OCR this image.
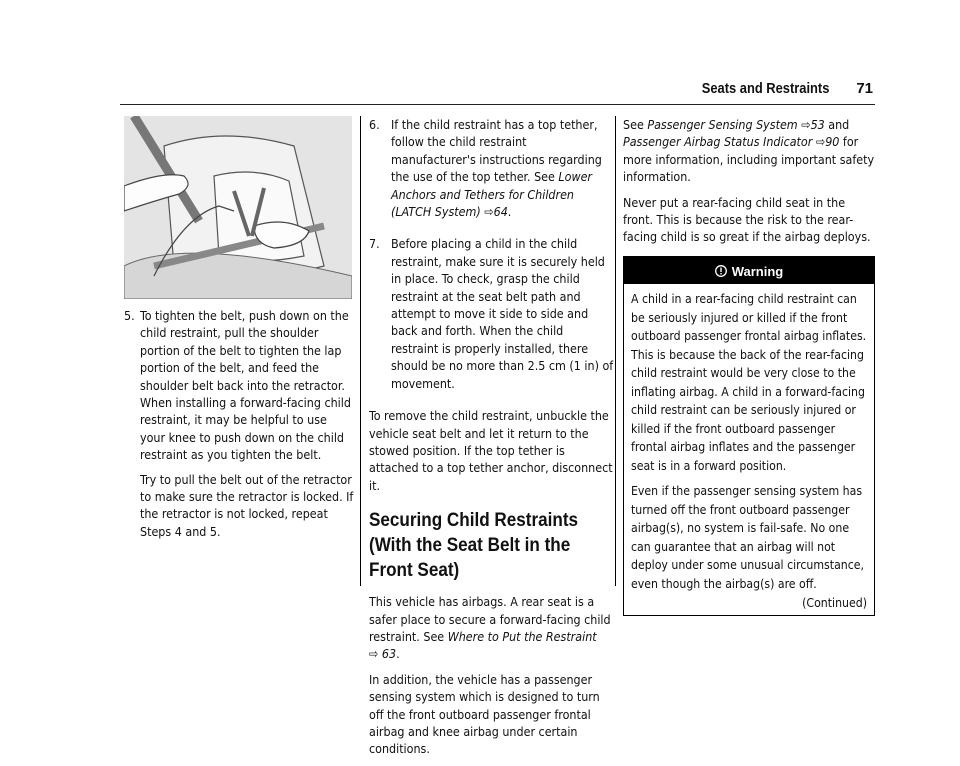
Seats and Restraints 71
5. To tighten the belt, push down on the child restraint, pull the shoulder portion of the belt to tighten the lap portion of the belt, and feed the shoulder belt back into the retractor. When installing a forward-facing child restraint, it may be helpful to use your knee to push down on the child restraint as you tighten the belt.

Try to pull the belt out of the retractor to make sure the retractor is locked. If the retractor is not locked, repeat Steps 4 and 5.

6. If the child restraint has a top tether, follow the child restraint manufacturer's instructions regarding the use of the top tether. See Lower Anchors and Tethers for Children (LATCH System) ⇨64.

7. Before placing a child in the child restraint, make sure it is securely held in place. To check, grasp the child restraint at the seat belt path and attempt to move it side to side and back and forth. When the child restraint is properly installed, there should be no more than 2.5 cm (1 in) of movement.

To remove the child restraint, unbuckle the vehicle seat belt and let it return to the stowed position. If the top tether is attached to a top tether anchor, disconnect it.

Securing Child Restraints (With the Seat Belt in the Front Seat)

This vehicle has airbags. A rear seat is a safer place to secure a forward-facing child restraint. See Where to Put the Restraint
⇨ 63.

In addition, the vehicle has a passenger sensing system which is designed to turn off the front outboard passenger frontal airbag and knee airbag under certain conditions.

See Passenger Sensing System ⇨53 and Passenger Airbag Status Indicator ⇨90 for more information, including important safety information.

Never put a rear-facing child seat in the front. This is because the risk to the rear-facing child is so great if the airbag deploys.

Warning

A child in a rear-facing child restraint can be seriously injured or killed if the front outboard passenger frontal airbag inflates. This is because the back of the rear-facing child restraint would be very close to the inflating airbag. A child in a forward-facing child restraint can be seriously injured or killed if the front outboard passenger frontal airbag inflates and the passenger seat is in a forward position.

Even if the passenger sensing system has turned off the front outboard passenger airbag(s), no system is fail-safe. No one can guarantee that an airbag will not deploy under some unusual circumstance, even though the airbag(s) are off.

(Continued)
